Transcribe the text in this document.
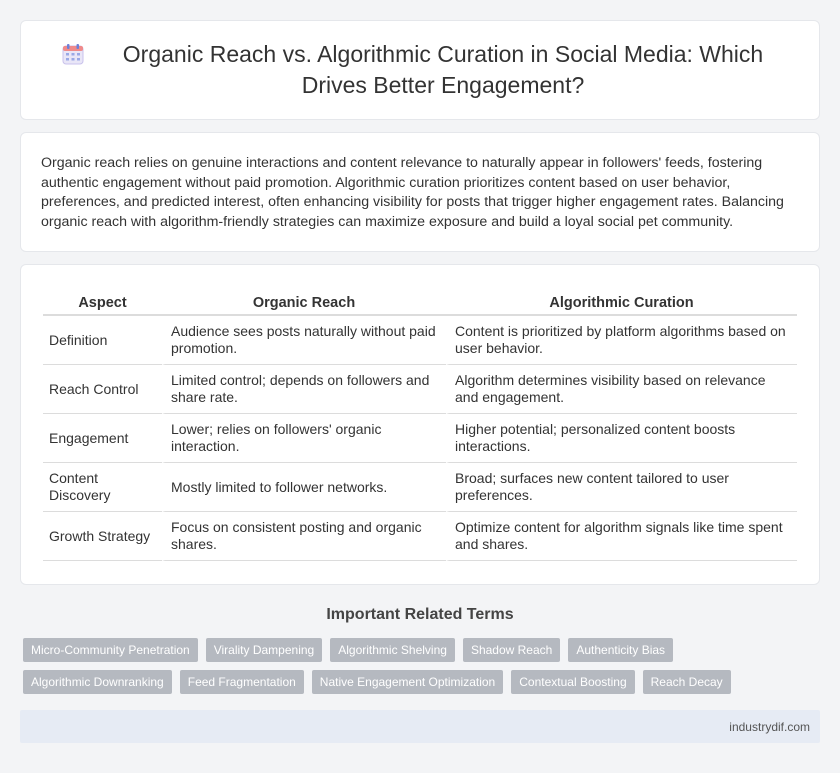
Organic Reach vs. Algorithmic Curation in Social Media: Which Drives Better Engagement?

Organic reach relies on genuine interactions and content relevance to naturally appear in followers' feeds, fostering authentic engagement without paid promotion. Algorithmic curation prioritizes content based on user behavior, preferences, and predicted interest, often enhancing visibility for posts that trigger higher engagement rates. Balancing organic reach with algorithm-friendly strategies can maximize exposure and build a loyal social pet community.

Aspect	Organic Reach	Algorithmic Curation
Definition	Audience sees posts naturally without paid promotion.	Content is prioritized by platform algorithms based on user behavior.
Reach Control	Limited control; depends on followers and share rate.	Algorithm determines visibility based on relevance and engagement.
Engagement	Lower; relies on followers' organic interaction.	Higher potential; personalized content boosts interactions.
Content Discovery	Mostly limited to follower networks.	Broad; surfaces new content tailored to user preferences.
Growth Strategy	Focus on consistent posting and organic shares.	Optimize content for algorithm signals like time spent and shares.
Important Related Terms
Micro-Community Penetration	Virality Dampening	Algorithmic Shelving	Shadow Reach	Authenticity Bias
Algorithmic Downranking	Feed Fragmentation	Native Engagement Optimization	Contextual Boosting	Reach Decay
industrydif.com
